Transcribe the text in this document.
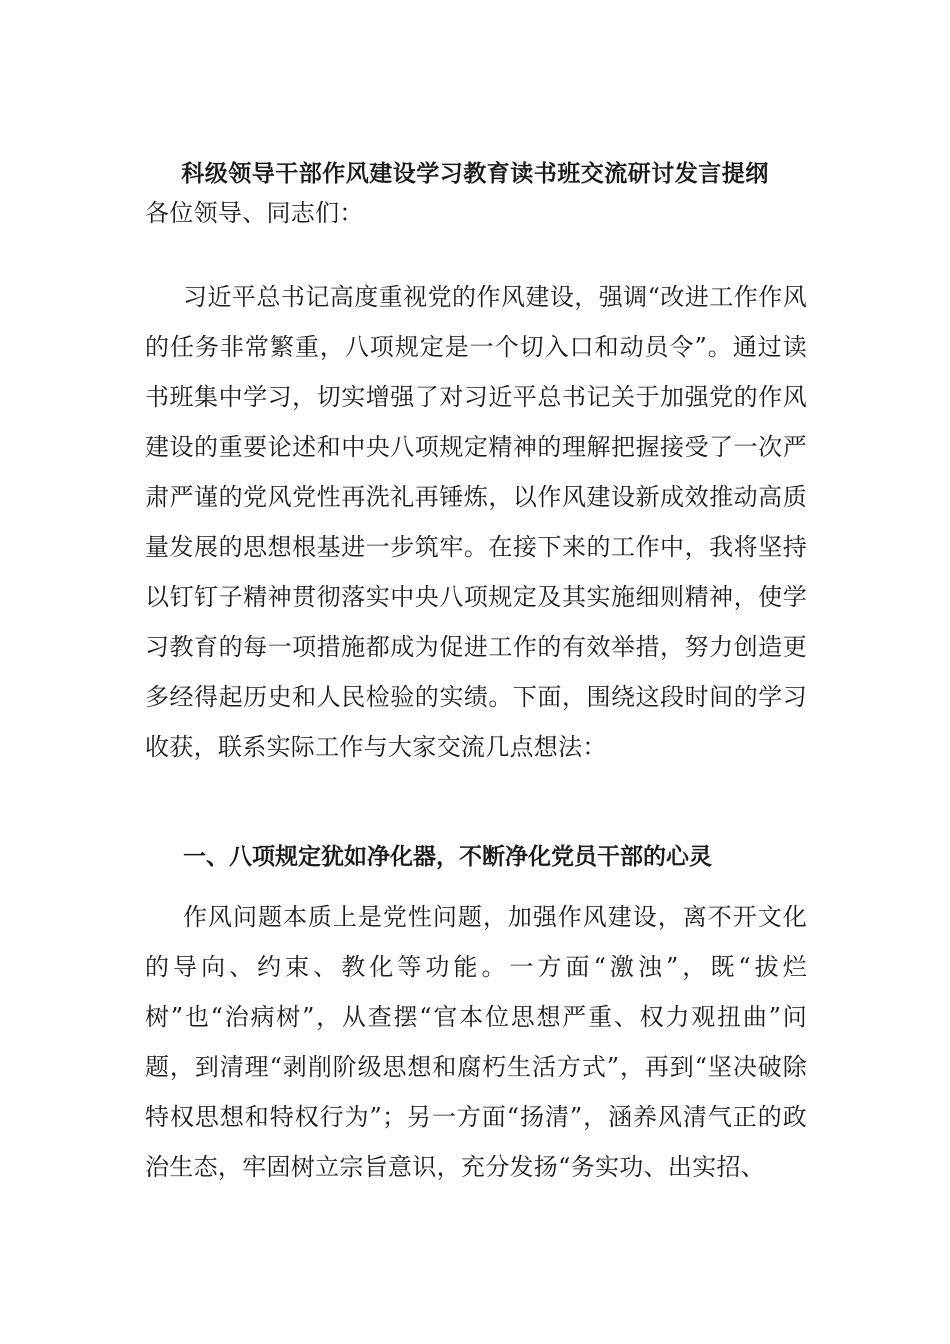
科级领导干部作风建设学习教育读书班交流研讨发言提纲
各位领导、同志们：
习近平总书记高度重视党的作风建设，强调“改进工作作风的任务非常繁重，八项规定是一个切入口和动员令”。通过读书班集中学习，切实增强了对习近平总书记关于加强党的作风建设的重要论述和中央八项规定精神的理解把握接受了一次严肃严谨的党风党性再洗礼再锤炼，以作风建设新成效推动高质量发展的思想根基进一步筑牢。在接下来的工作中，我将坚持以钉钉子精神贯彻落实中央八项规定及其实施细则精神，使学习教育的每一项措施都成为促进工作的有效举措，努力创造更多经得起历史和人民检验的实绩。下面，围绕这段时间的学习收获，联系实际工作与大家交流几点想法：
一、八项规定犹如净化器，不断净化党员干部的心灵
作风问题本质上是党性问题，加强作风建设，离不开文化的导向、约束、教化等功能。一方面“激浊”，既“拔烂树”也“治病树”，从查摆“官本位思想严重、权力观扭曲”问题，到清理“剥削阶级思想和腐朽生活方式”，再到“坚决破除特权思想和特权行为”；另一方面“扬清”，涵养风清气正的政治生态，牢固树立宗旨意识，充分发扬“务实功、出实招、
